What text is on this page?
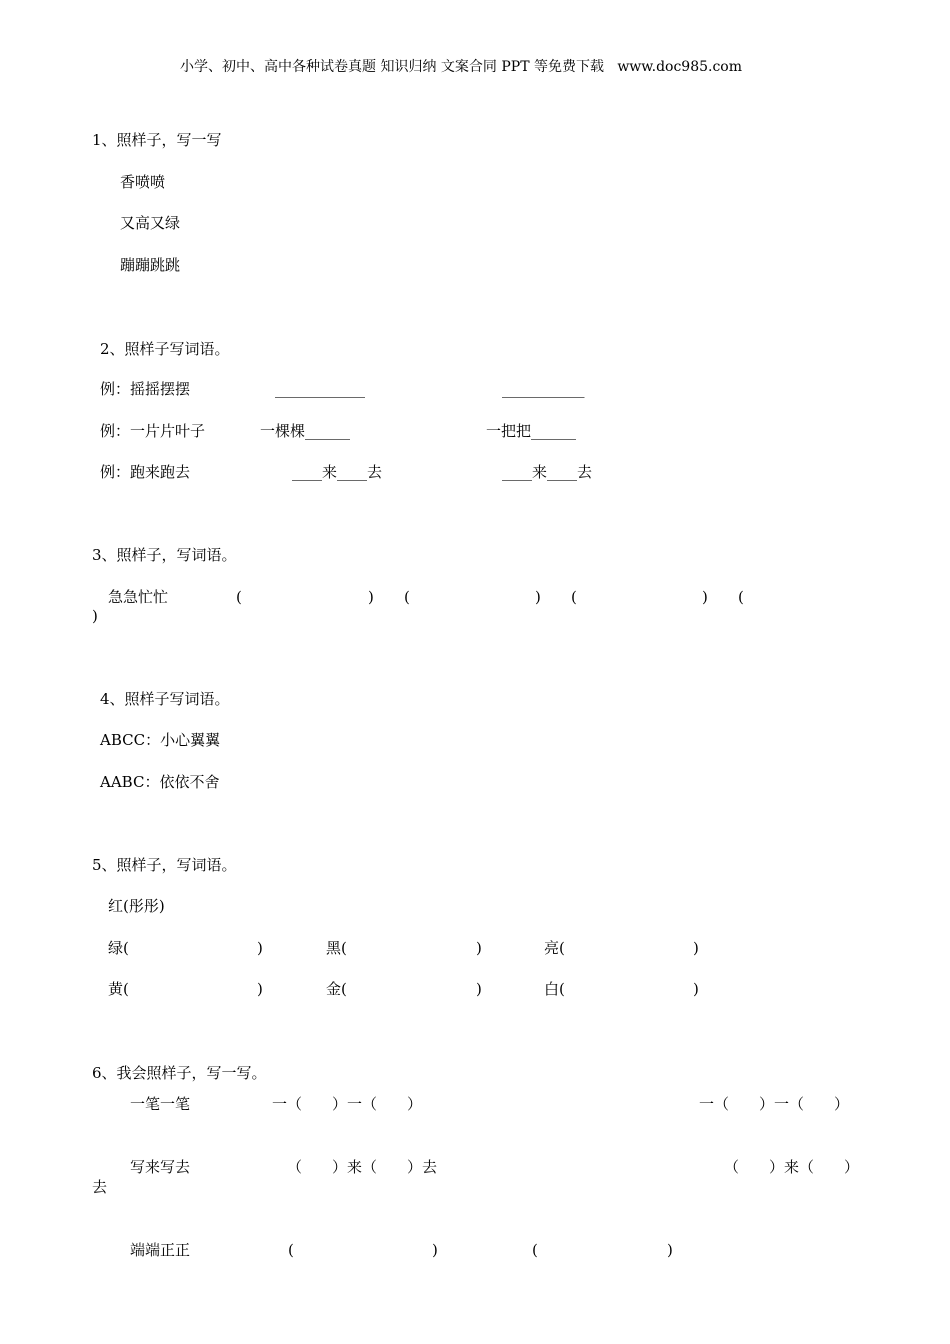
小学、初中、高中各种试卷真题 知识归纳 文案合同 PPT 等免费下载   www.doc985.com
1、照样子，写一写
香喷喷
又高又绿
蹦蹦跳跳
2、照样子写词语。
例：摇摇摆摆	____________	___________
例：一片片叶子	一棵棵______	一把把______
例：跑来跑去	____来____去	____来____去
3、照样子，写词语。
急急忙忙	(	) (	) (	) (
)
4、照样子写词语。
ABCC：小心翼翼
AABC：依依不舍
5、照样子，写词语。
红(彤彤)
绿(	)	黑(	)	亮(	)
黄(	)	金(	)	白(	)
6、我会照样子，写一写。
一笔一笔	一（　　）一（　　）	一（　　）一（　　）
写来写去	（　　）来（　　）去	（　　）来（　　）
去
端端正正	(	)	(	)
